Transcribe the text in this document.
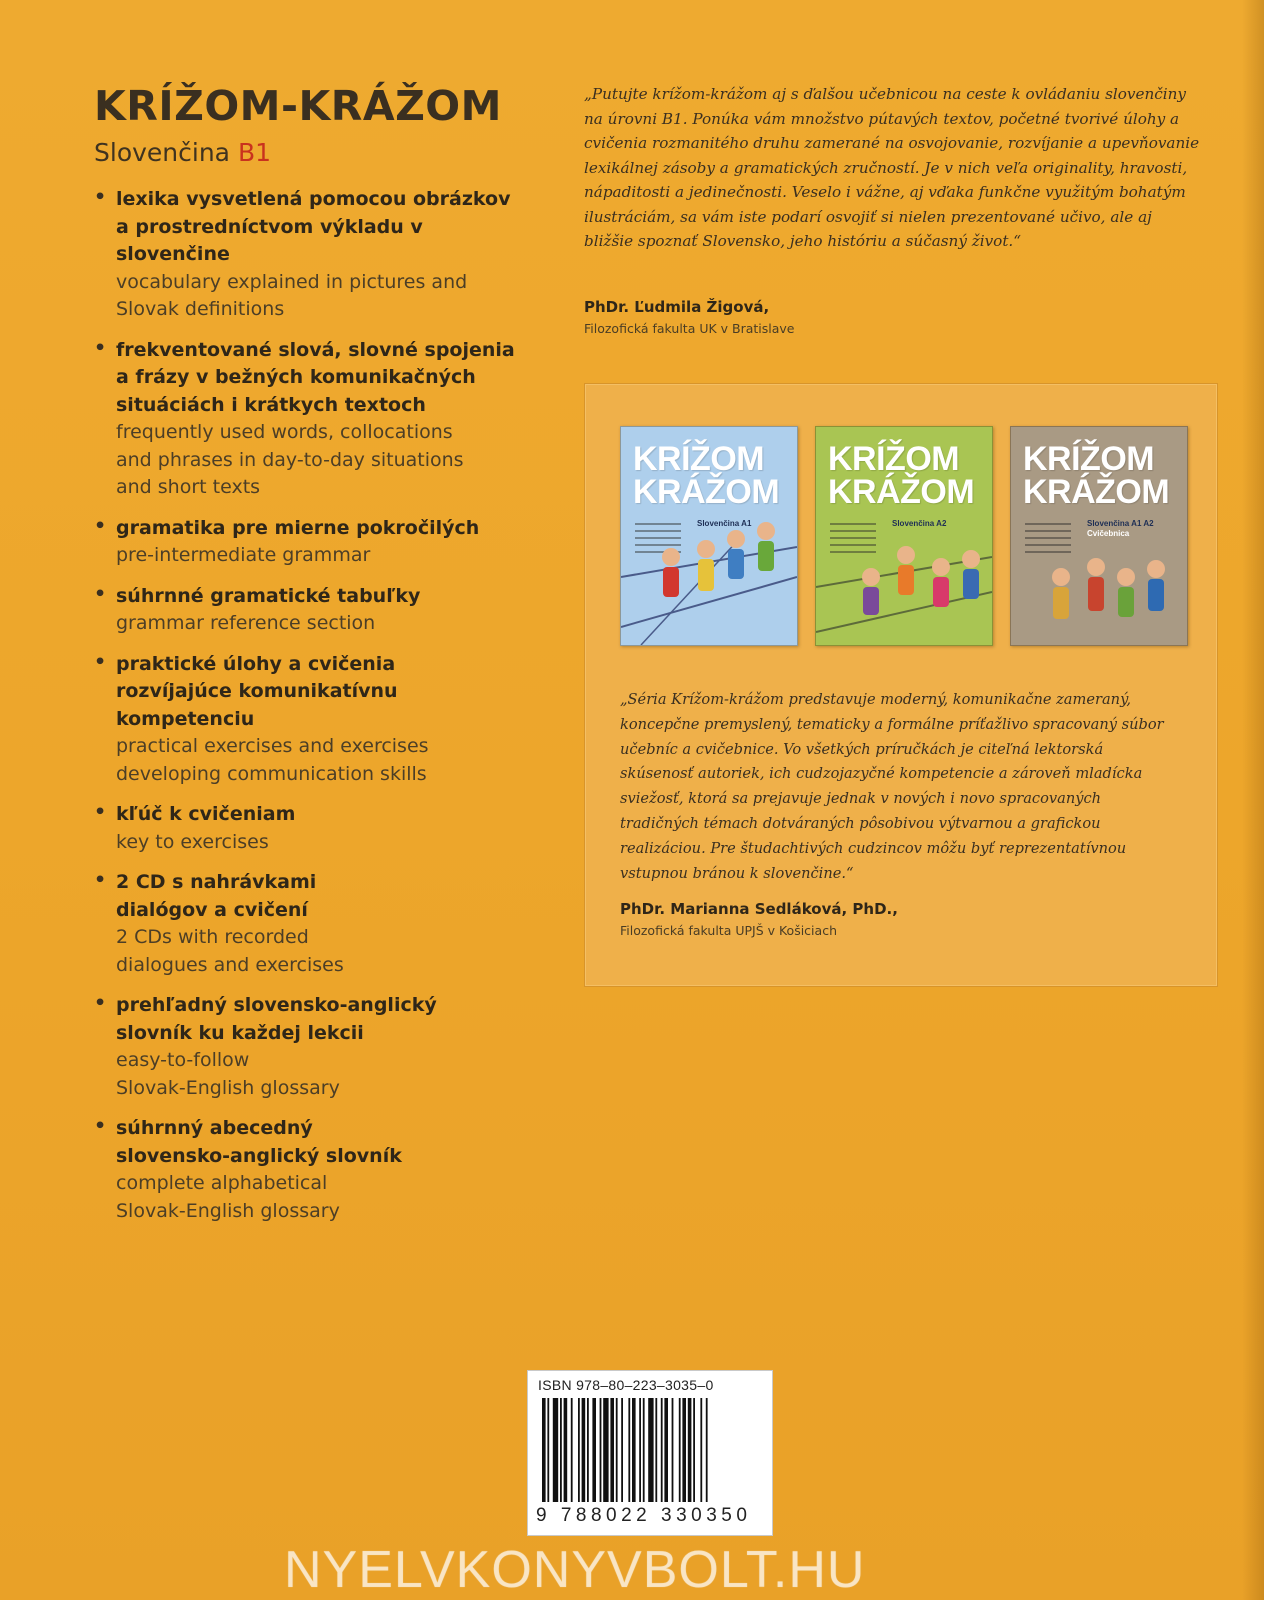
KRÍŽOM-KRÁŽOM
Slovenčina B1
• lexika vysvetlená pomocou obrázkov
a prostredníctvom výkladu v slovenčine
vocabulary explained in pictures and
Slovak definitions
• frekventované slová, slovné spojenia
a frázy v bežných komunikačných
situáciách i krátkych textoch
frequently used words, collocations
and phrases in day-to-day situations
and short texts
• gramatika pre mierne pokročilých
pre-intermediate grammar
• súhrnné gramatické tabuľky
grammar reference section
• praktické úlohy a cvičenia
rozvíjajúce komunikatívnu kompetenciu
practical exercises and exercises
developing communication skills
• kľúč k cvičeniam
key to exercises
• 2 CD s nahrávkami
dialógov a cvičení
2 CDs with recorded
dialogues and exercises
• prehľadný slovensko-anglický
slovník ku každej lekcii
easy-to-follow
Slovak-English glossary
• súhrnný abecedný
slovensko-anglický slovník
complete alphabetical
Slovak-English glossary
„Putujte krížom-krážom aj s ďalšou učebnicou na ceste k ovládaniu slovenčiny na úrovni B1. Ponúka vám množstvo pútavých textov, početné tvorivé úlohy a cvičenia rozmanitého druhu zamerané na osvojovanie, rozvíjanie a upevňovanie lexikálnej zásoby a gramatických zručností. Je v nich veľa originality, hravosti, nápaditosti a jedinečnosti. Veselo i vážne, aj vďaka funkčne využitým bohatým ilustráciám, sa vám iste podarí osvojiť si nielen prezentované učivo, ale aj bližšie spoznať Slovensko, jeho históriu a súčasný život.“
PhDr. Ľudmila Žigová,
Filozofická fakulta UK v Bratislave
KRÍŽOM
KRÁŽOM
Slovenčina A1
KRÍŽOM
KRÁŽOM
Slovenčina A2
KRÍŽOM
KRÁŽOM
Slovenčina A1 A2
Cvičebnica
„Séria Krížom-krážom predstavuje moderný, komunikačne zameraný, koncepčne premyslený, tematicky a formálne príťažlivo spracovaný súbor učebníc a cvičebnice. Vo všetkých príručkách je citeľná lektorská skúsenosť autoriek, ich cudzojazyčné kompetencie a zároveň mladícka sviežosť, ktorá sa prejavuje jednak v nových i novo spracovaných tradičných témach dotváraných pôsobivou výtvarnou a grafickou realizáciou. Pre študachtivých cudzincov môžu byť reprezentatívnou vstupnou bránou k slovenčine.“
PhDr. Marianna Sedláková, PhD.,
Filozofická fakulta UPJŠ v Košiciach
ISBN 978–80–223–3035–0
9 788022 330350
NYELVKONYVBOLT.HU
